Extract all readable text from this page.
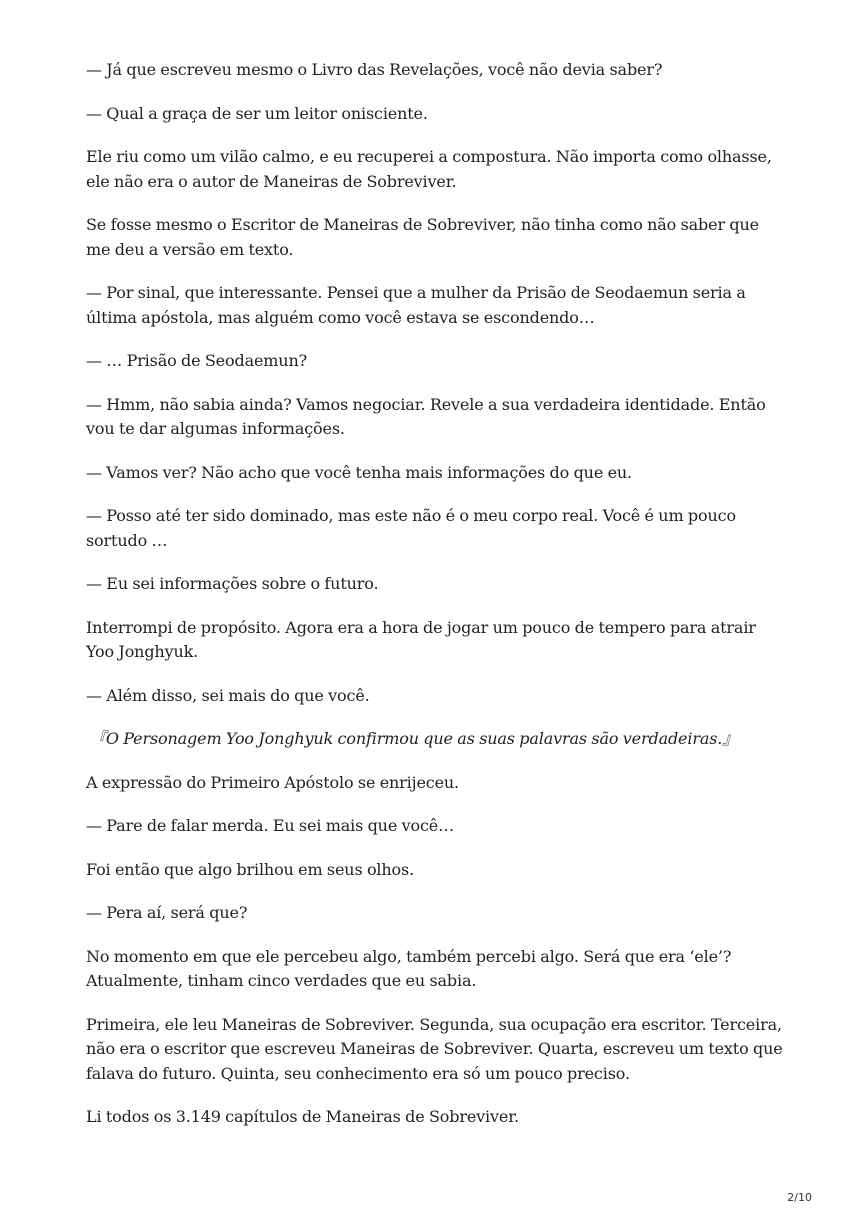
— Já que escreveu mesmo o Livro das Revelações, você não devia saber?

— Qual a graça de ser um leitor onisciente.

Ele riu como um vilão calmo, e eu recuperei a compostura. Não importa como olhasse, ele não era o autor de Maneiras de Sobreviver.

Se fosse mesmo o Escritor de Maneiras de Sobreviver, não tinha como não saber que me deu a versão em texto.

— Por sinal, que interessante. Pensei que a mulher da Prisão de Seodaemun seria a última apóstola, mas alguém como você estava se escondendo…

— … Prisão de Seodaemun?

— Hmm, não sabia ainda? Vamos negociar. Revele a sua verdadeira identidade. Então vou te dar algumas informações.

— Vamos ver? Não acho que você tenha mais informações do que eu.

— Posso até ter sido dominado, mas este não é o meu corpo real. Você é um pouco sortudo …

— Eu sei informações sobre o futuro.

Interrompi de propósito. Agora era a hora de jogar um pouco de tempero para atrair Yoo Jonghyuk.

— Além disso, sei mais do que você.

『O Personagem Yoo Jonghyuk confirmou que as suas palavras são verdadeiras.』

A expressão do Primeiro Apóstolo se enrijeceu.

— Pare de falar merda. Eu sei mais que você…

Foi então que algo brilhou em seus olhos.

— Pera aí, será que?

No momento em que ele percebeu algo, também percebi algo. Será que era ‘ele’? Atualmente, tinham cinco verdades que eu sabia.

Primeira, ele leu Maneiras de Sobreviver. Segunda, sua ocupação era escritor. Terceira, não era o escritor que escreveu Maneiras de Sobreviver. Quarta, escreveu um texto que falava do futuro. Quinta, seu conhecimento era só um pouco preciso.

Li todos os 3.149 capítulos de Maneiras de Sobreviver.

2/10
